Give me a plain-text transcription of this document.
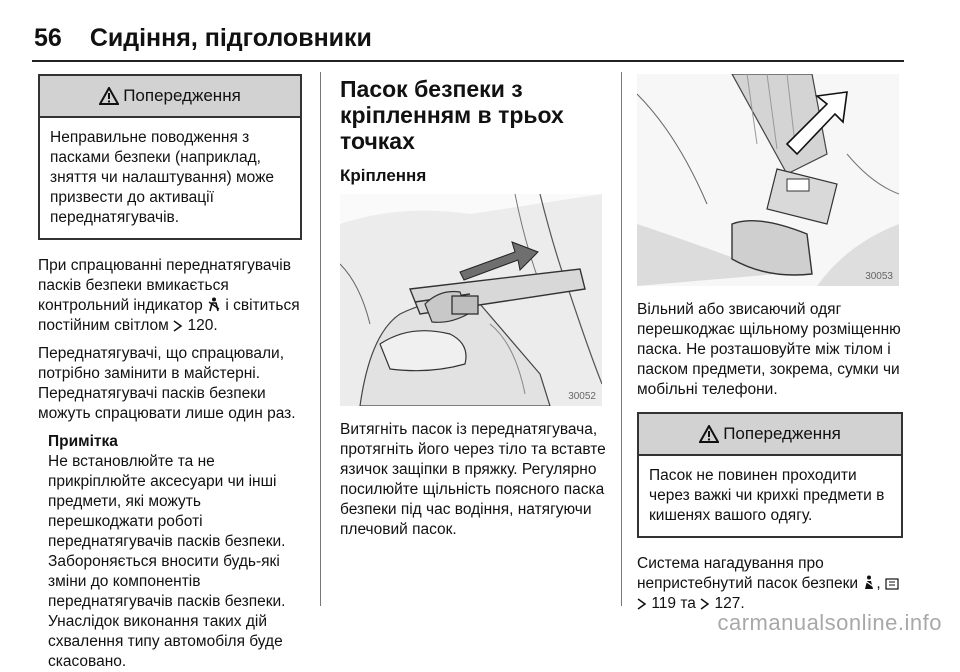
56 Сидіння, підголовники
Попередження
Неправильне поводження з пасками безпеки (наприклад, зняття чи налаштування) може призвести до активації переднатягувачів.

При спрацюванні переднатягувачів пасків безпеки вмикається контрольний індикатор  і світиться постійним світлом  120.

Переднатягувачі, що спрацювали, потрібно замінити в майстерні. Переднатягувачі пасків безпеки можуть спрацювати лише один раз.

Примітка

Не встановлюйте та не прикріплюйте аксесуари чи інші предмети, які можуть перешкоджати роботі переднатягувачів пасків безпеки. Забороняється вносити будь-які зміни до компонентів переднатягувачів пасків безпеки. Унаслідок виконання таких дій схвалення типу автомобіля буде скасовано.

Пасок безпеки з кріпленням в трьох точках
Кріплення
30052

Витягніть пасок із переднатягувача, протягніть його через тіло та вставте язичок защіпки в пряжку. Регулярно посилюйте щільність поясного паска безпеки під час водіння, натягуючи плечовий пасок.

30053

Вільний або звисаючий одяг перешкоджає щільному розміщенню паска. Не розташовуйте між тілом і паском предмети, зокрема, сумки чи мобільні телефони.

Попередження
Пасок не повинен проходити через важкі чи крихкі предмети в кишенях вашого одягу.

Система нагадування про непристебнутий пасок безпеки ,   119 та  127.

carmanualsonline.info
